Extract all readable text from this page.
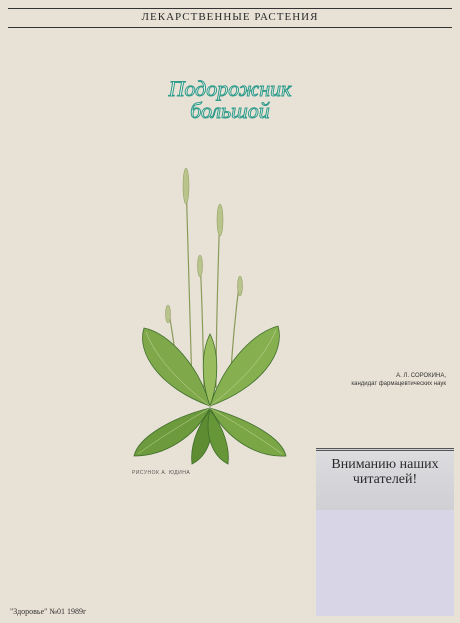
ЛЕКАРСТВЕННЫЕ РАСТЕНИЯ
Подорожник
большой
РИСУНОК А. ЮДИНА
А. Л. СОРОКИНА,
кандидат фармацевтических наук
Вниманию наших читателей!
"Здоровье" №01 1989г
